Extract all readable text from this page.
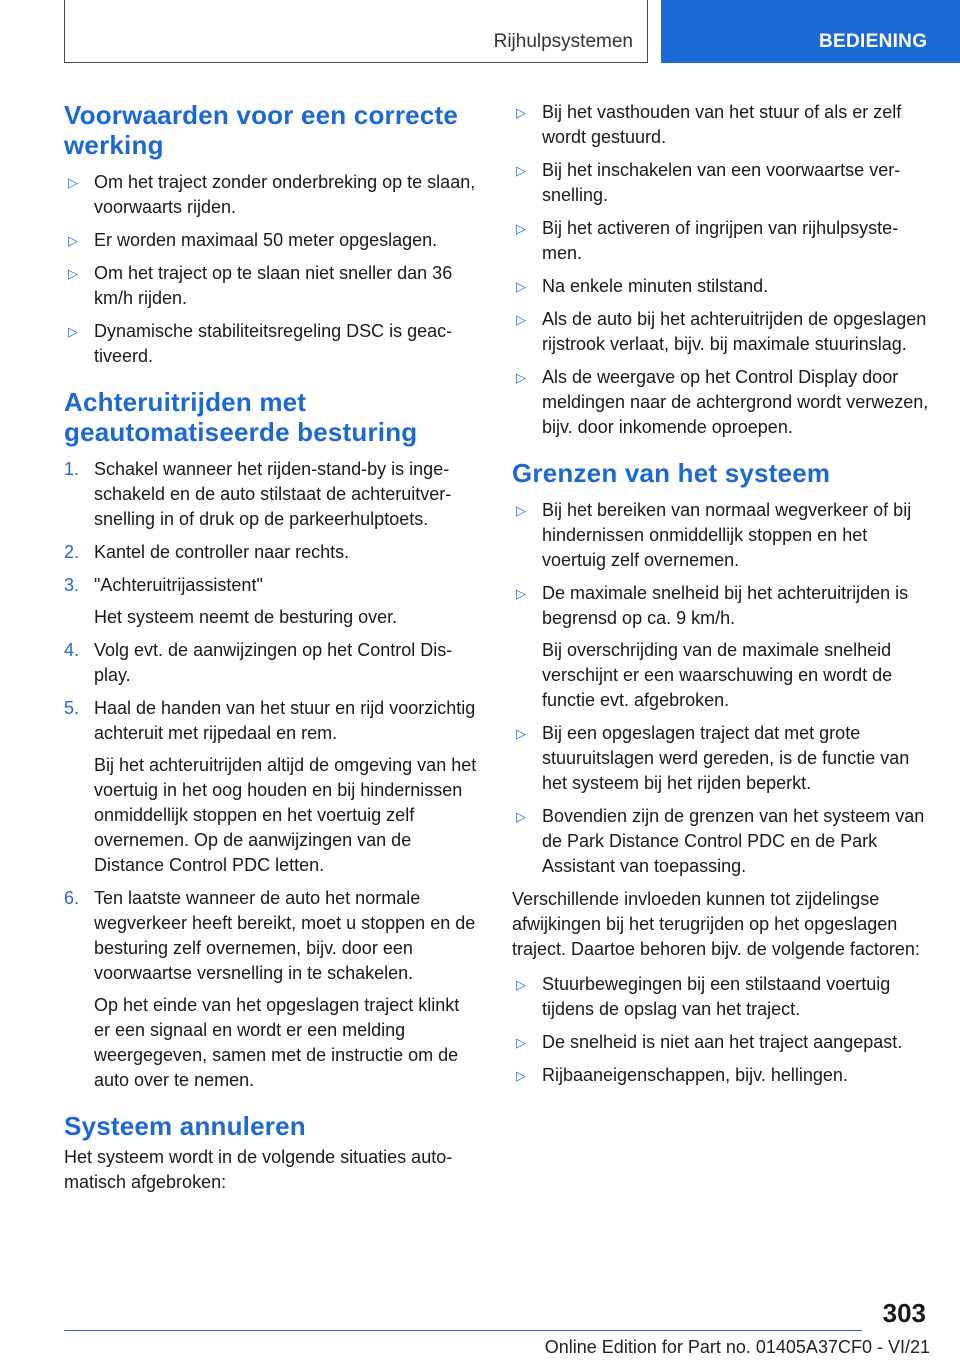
Rijhulpsystemen	BEDIENING
Voorwaarden voor een correcte werking
▷ Om het traject zonder onderbreking op te slaan, voorwaarts rijden.
▷ Er worden maximaal 50 meter opgeslagen.
▷ Om het traject op te slaan niet sneller dan 36 km/h rijden.
▷ Dynamische stabiliteitsregeling DSC is geactiveerd.
Achteruitrijden met geautomatiseerde besturing
1. Schakel wanneer het rijden-stand-by is ingeschakeld en de auto stilstaat de achteruitversnelling in of druk op de parkeerhulptoets.
2. Kantel de controller naar rechts.
3. "Achteruitrijassistent"
Het systeem neemt de besturing over.
4. Volg evt. de aanwijzingen op het Control Display.
5. Haal de handen van het stuur en rijd voorzichtig achteruit met rijpedaal en rem.
Bij het achteruitrijden altijd de omgeving van het voertuig in het oog houden en bij hindernissen onmiddellijk stoppen en het voertuig zelf overnemen. Op de aanwijzingen van de Distance Control PDC letten.
6. Ten laatste wanneer de auto het normale wegverkeer heeft bereikt, moet u stoppen en de besturing zelf overnemen, bijv. door een voorwaartse versnelling in te schakelen.
Op het einde van het opgeslagen traject klinkt er een signaal en wordt er een melding weergegeven, samen met de instructie om de auto over te nemen.
Systeem annuleren

Het systeem wordt in de volgende situaties automatisch afgebroken:

▷ Bij het vasthouden van het stuur of als er zelf wordt gestuurd.
▷ Bij het inschakelen van een voorwaartse versnelling.
▷ Bij het activeren of ingrijpen van rijhulpsystemen.
▷ Na enkele minuten stilstand.
▷ Als de auto bij het achteruitrijden de opgeslagen rijstrook verlaat, bijv. bij maximale stuurinslag.
▷ Als de weergave op het Control Display door meldingen naar de achtergrond wordt verwezen, bijv. door inkomende oproepen.
Grenzen van het systeem
▷ Bij het bereiken van normaal wegverkeer of bij hindernissen onmiddellijk stoppen en het voertuig zelf overnemen.
▷ De maximale snelheid bij het achteruitrijden is begrensd op ca. 9 km/h.
Bij overschrijding van de maximale snelheid verschijnt er een waarschuwing en wordt de functie evt. afgebroken.
▷ Bij een opgeslagen traject dat met grote stuuruitslagen werd gereden, is de functie van het systeem bij het rijden beperkt.
▷ Bovendien zijn de grenzen van het systeem van de Park Distance Control PDC en de Park Assistant van toepassing.

Verschillende invloeden kunnen tot zijdelingse afwijkingen bij het terugrijden op het opgeslagen traject. Daartoe behoren bijv. de volgende factoren:

▷ Stuurbewegingen bij een stilstaand voertuig tijdens de opslag van het traject.
▷ De snelheid is niet aan het traject aangepast.
▷ Rijbaaneigenschappen, bijv. hellingen.
303
Online Edition for Part no. 01405A37CF0 - VI/21
